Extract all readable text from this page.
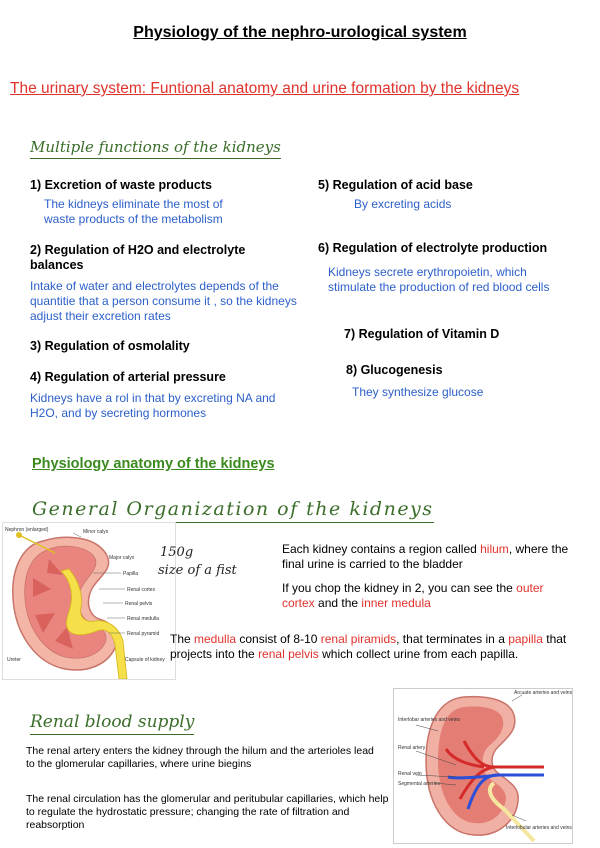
Physiology of the nephro-urological system
The urinary system: Funtional anatomy and urine formation by the kidneys
Multiple functions of the kidneys
1) Excretion of waste products
The kidneys eliminate the most of waste products of the metabolism
2) Regulation of H2O and electrolyte balances
Intake of water and electrolytes depends of the quantitie that a person consume it , so the kidneys adjust their excretion rates
3) Regulation of osmolality
4) Regulation of arterial pressure
Kidneys have a rol in that by excreting NA and H2O, and by secreting hormones
5) Regulation of acid base
By excreting acids
6) Regulation of electrolyte production
Kidneys secrete erythropoietin, which stimulate the production of red blood cells
7) Regulation of Vitamin D
8) Glucogenesis
They synthesize glucose
Physiology anatomy of the kidneys
General Organization of the kidneys
Nephron (enlarged)	Minor calyx
Major calyx
Papilla
Renal cortex
Renal pelvis
Renal medulla
Renal pyramid
Ureter	Capsule of kidney
150g
size of a fist
Each kidney contains a region called hilum, where the final urine is carried to the bladder
If you chop the kidney in 2, you can see the outer cortex and the inner medula
The medulla consist of 8-10 renal piramids, that terminates in a papilla that projects into the renal pelvis which collect urine from each papilla.
Renal blood supply
The renal artery enters the kidney through the hilum and the arterioles lead to the glomerular capillaries, where urine biegins
The renal circulation has the glomerular and peritubular capillaries, which help to regulate the hydrostatic pressure; changing the rate of filtration and reabsorption
Arcuate arteries and veins
Interlobar arteries and veins
Renal artery
Renal vein
Segmental arteries
Interlobular arteries and veins
